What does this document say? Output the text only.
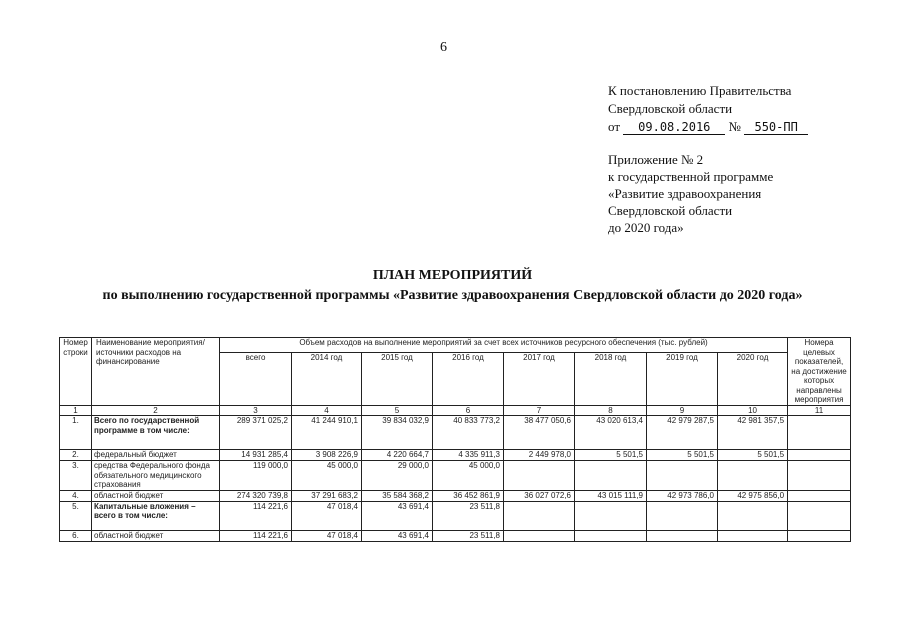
6
К постановлению Правительства
Свердловской области
от 09.08.2016 № 550-ПП
Приложение № 2
к государственной программе
«Развитие здравоохранения
Свердловской области
до 2020 года»
ПЛАН МЕРОПРИЯТИЙ
по выполнению государственной программы «Развитие здравоохранения Свердловской области до 2020 года»
Номер строки	Наименование мероприятия/источники расходов на финансирование	Объем расходов на выполнение мероприятий за счет всех источников ресурсного обеспечения (тыс. рублей)								Номера целевых показателей, на достижение которых направлены мероприятия
		всего	2014 год	2015 год	2016 год	2017 год	2018 год	2019 год	2020 год	
1	2	3	4	5	6	7	8	9	10	11
1.	Всего по государственной программе в том числе:	289 371 025,2	41 244 910,1	39 834 032,9	40 833 773,2	38 477 050,6	43 020 613,4	42 979 287,5	42 981 357,5	
2.	федеральный бюджет	14 931 285,4	3 908 226,9	4 220 664,7	4 335 911,3	2 449 978,0	5 501,5	5 501,5	5 501,5	
3.	средства Федерального фонда обязательного медицинского страхования	119 000,0	45 000,0	29 000,0	45 000,0					
4.	областной бюджет	274 320 739,8	37 291 683,2	35 584 368,2	36 452 861,9	36 027 072,6	43 015 111,9	42 973 786,0	42 975 856,0	
5.	Капитальные вложения – всего в том числе:	114 221,6	47 018,4	43 691,4	23 511,8					
6.	областной бюджет	114 221,6	47 018,4	43 691,4	23 511,8					
